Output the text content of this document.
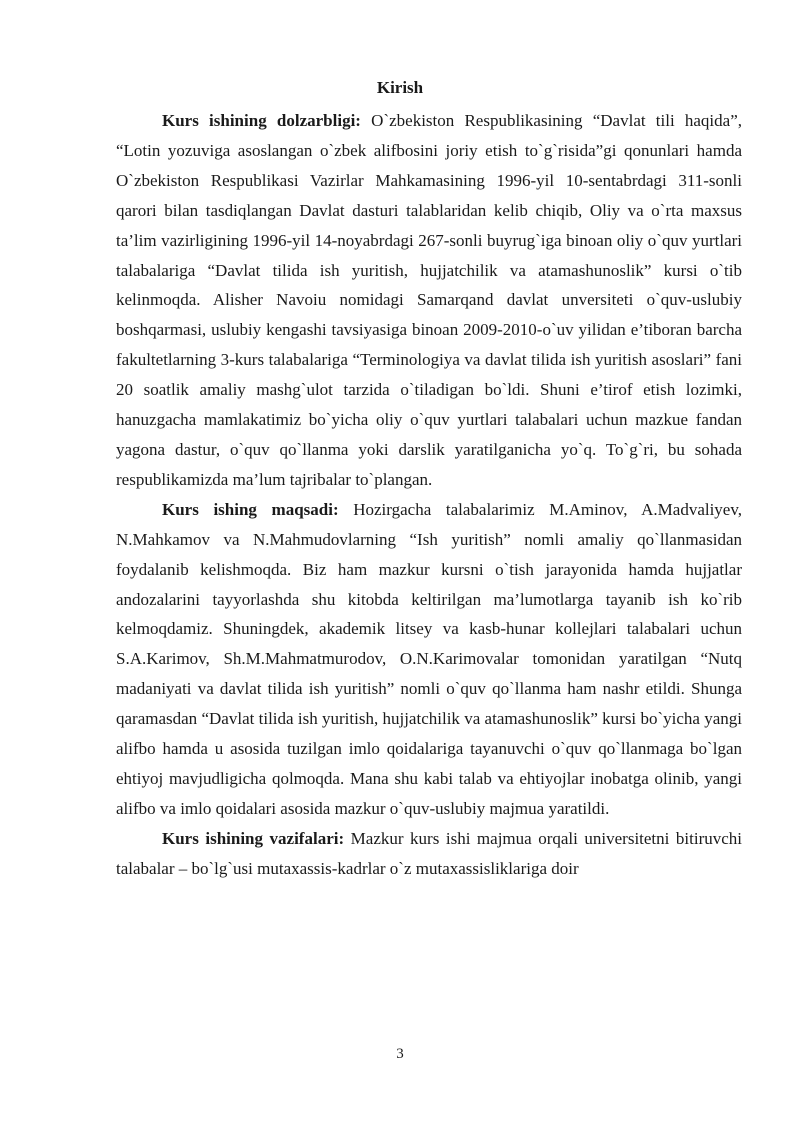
Kirish

Kurs ishining dolzarbligi: O`zbekiston Respublikasining “Davlat tili haqida”, “Lotin yozuviga asoslangan o`zbek alifbosini joriy etish to`g`risida”gi qonunlari hamda O`zbekiston Respublikasi Vazirlar Mahkamasining 1996-yil 10-sentabrdagi 311-sonli qarori bilan tasdiqlangan Davlat dasturi talablaridan kelib chiqib, Oliy va o`rta maxsus ta’lim vazirligining 1996-yil 14-noyabrdagi 267-sonli buyrug`iga binoan oliy o`quv yurtlari talabalariga “Davlat tilida ish yuritish, hujjatchilik va atamashunoslik” kursi o`tib kelinmoqda. Alisher Navoiu nomidagi Samarqand davlat unversiteti o`quv-uslubiy boshqarmasi, uslubiy kengashi tavsiyasiga binoan 2009-2010-o`uv yilidan e’tiboran barcha fakultetlarning 3-kurs talabalariga “Terminologiya va davlat tilida ish yuritish asoslari” fani 20 soatlik amaliy mashg`ulot tarzida o`tiladigan bo`ldi. Shuni e’tirof etish lozimki, hanuzgacha mamlakatimiz bo`yicha oliy o`quv yurtlari talabalari uchun mazkue fandan yagona dastur, o`quv qo`llanma yoki darslik yaratilganicha yo`q. To`g`ri, bu sohada respublikamizda ma’lum tajribalar to`plangan.

Kurs ishing maqsadi: Hozirgacha talabalarimiz M.Aminov, A.Madvaliyev, N.Mahkamov va N.Mahmudovlarning “Ish yuritish” nomli amaliy qo`llanmasidan foydalanib kelishmoqda. Biz ham mazkur kursni o`tish jarayonida hamda hujjatlar andozalarini tayyorlashda shu kitobda keltirilgan ma’lumotlarga tayanib ish ko`rib kelmoqdamiz. Shuningdek, akademik litsey va kasb-hunar kollejlari talabalari uchun S.A.Karimov, Sh.M.Mahmatmurodov, O.N.Karimovalar tomonidan yaratilgan “Nutq madaniyati va davlat tilida ish yuritish” nomli o`quv qo`llanma ham nashr etildi. Shunga qaramasdan “Davlat tilida ish yuritish, hujjatchilik va atamashunoslik” kursi bo`yicha yangi alifbo hamda u asosida tuzilgan imlo qoidalariga tayanuvchi o`quv qo`llanmaga bo`lgan ehtiyoj mavjudligicha qolmoqda. Mana shu kabi talab va ehtiyojlar inobatga olinib, yangi alifbo va imlo qoidalari asosida mazkur o`quv-uslubiy majmua yaratildi.

Kurs ishining vazifalari: Mazkur kurs ishi majmua orqali universitetni bitiruvchi talabalar – bo`lg`usi mutaxassis-kadrlar o`z mutaxassisliklariga doir

3
